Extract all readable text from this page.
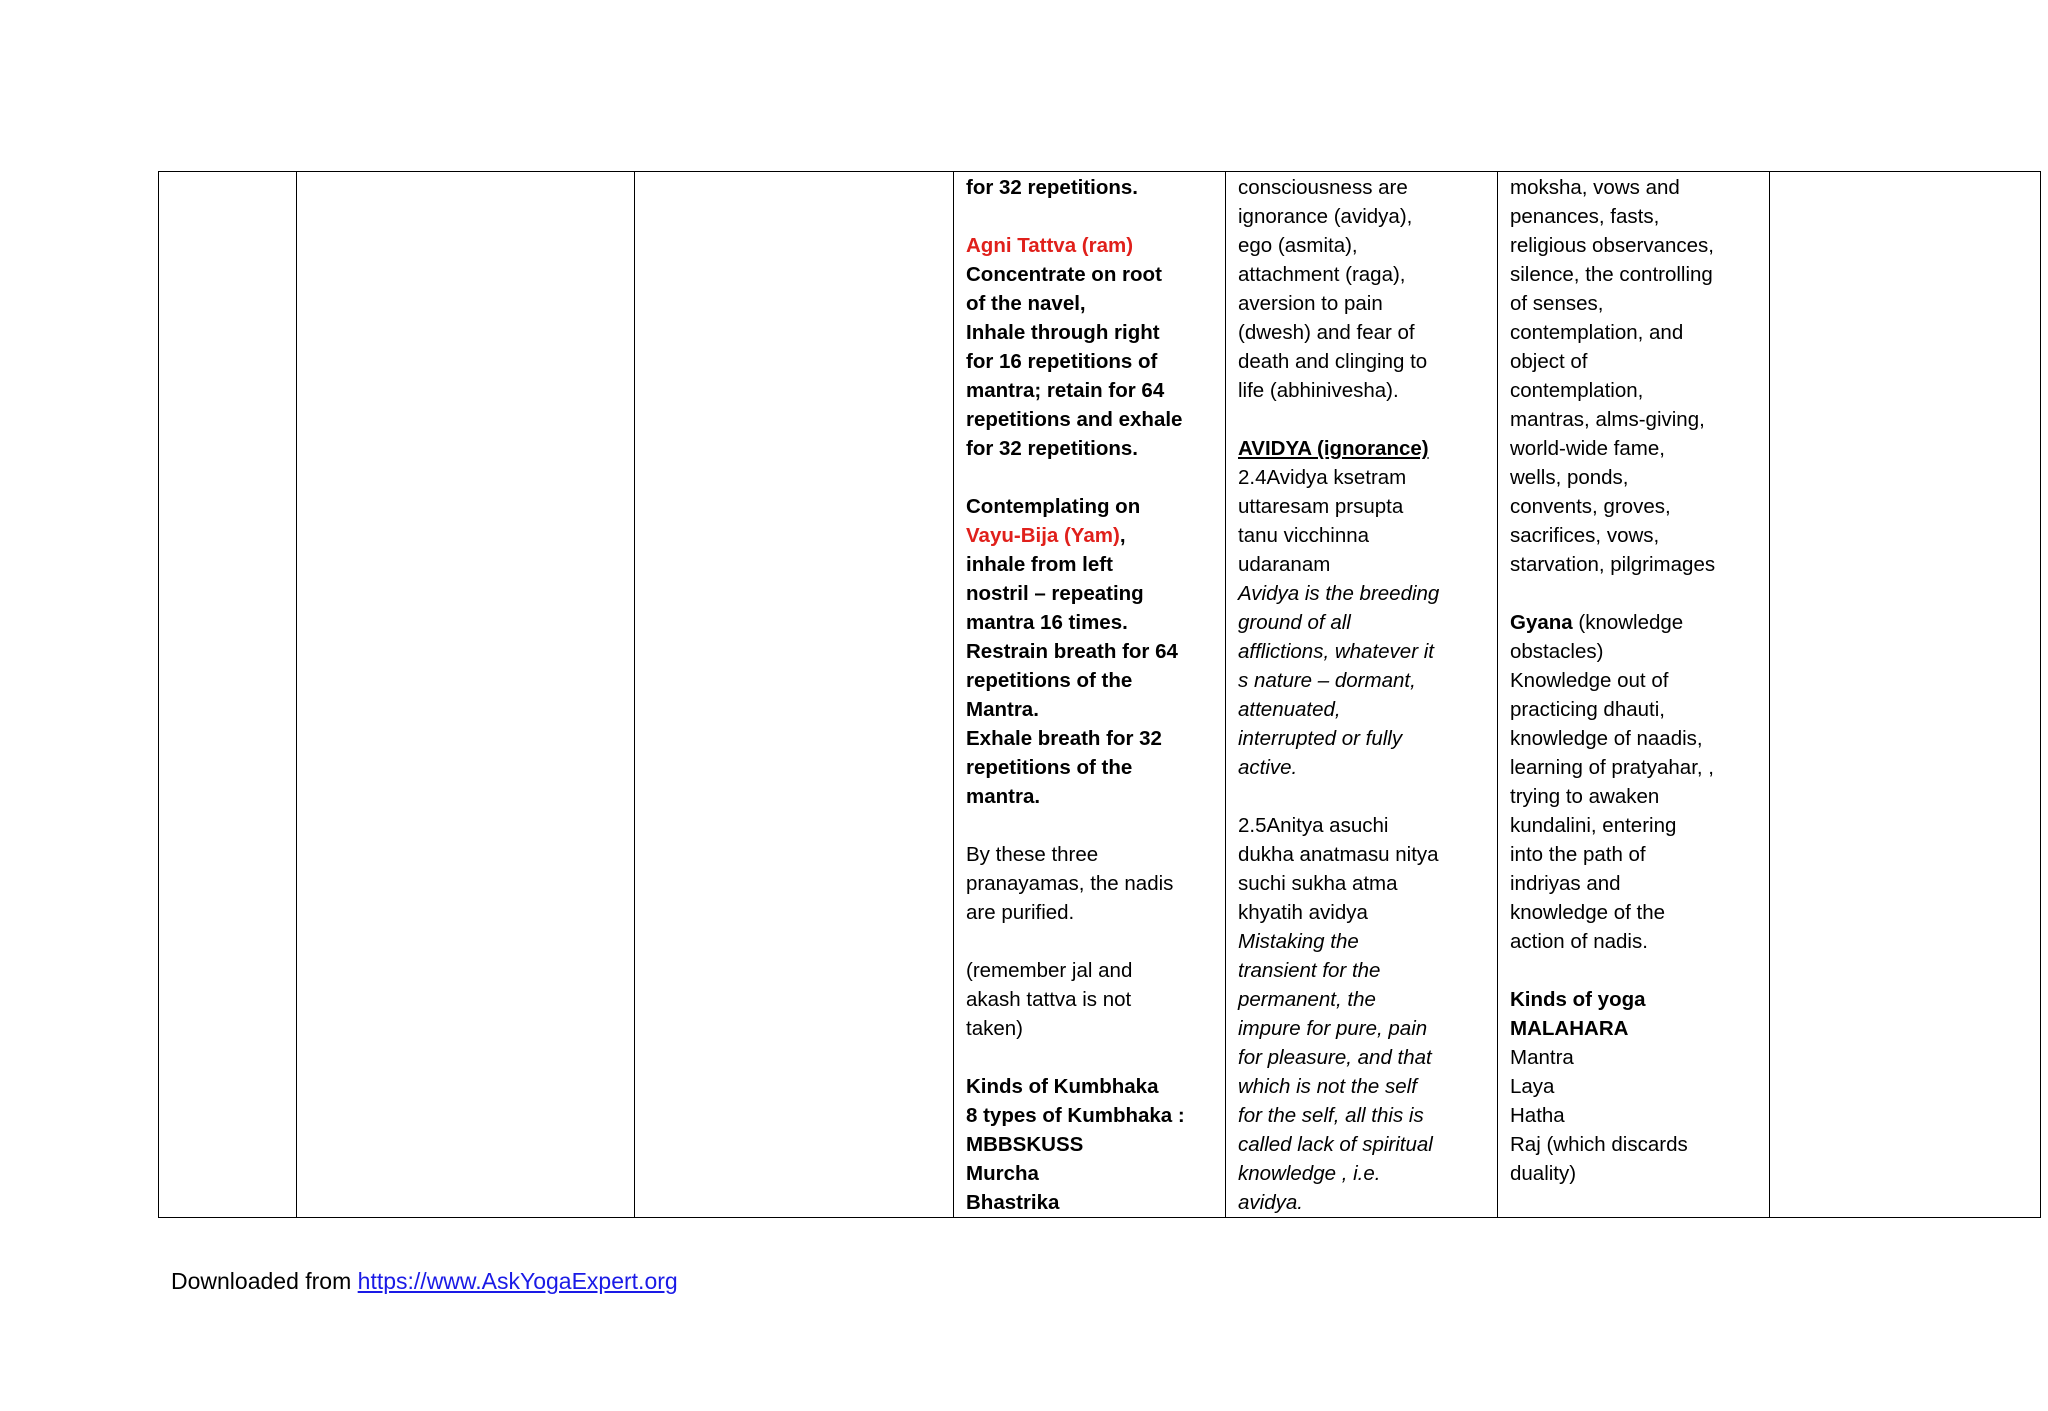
for 32 repetitions.
Agni Tattva (ram)
Concentrate on root
of the navel,
Inhale through right
for 16 repetitions of
mantra; retain for 64
repetitions and exhale
for 32 repetitions.
Contemplating on
Vayu-Bija (Yam),
inhale from left
nostril – repeating
mantra 16 times.
Restrain breath for 64
repetitions of the
Mantra.
Exhale breath for 32
repetitions of the
mantra.
By these three
pranayamas, the nadis
are purified.
(remember jal and
akash tattva is not
taken)
Kinds of Kumbhaka
8 types of Kumbhaka :
MBBSKUSS
Murcha
Bhastrika

consciousness are
ignorance (avidya),
ego (asmita),
attachment (raga),
aversion to pain
(dwesh) and fear of
death and clinging to
life (abhinivesha).
AVIDYA (ignorance)
2.4Avidya ksetram
uttaresam prsupta
tanu vicchinna
udaranam
Avidya is the breeding
ground of all
afflictions, whatever it
s nature – dormant,
attenuated,
interrupted or fully
active.
2.5Anitya asuchi
dukha anatmasu nitya
suchi sukha atma
khyatih avidya
Mistaking the
transient for the
permanent, the
impure for pure, pain
for pleasure, and that
which is not the self
for the self, all this is
called lack of spiritual
knowledge , i.e.
avidya.

moksha, vows and
penances, fasts,
religious observances,
silence, the controlling
of senses,
contemplation, and
object of
contemplation,
mantras, alms-giving,
world-wide fame,
wells, ponds,
convents, groves,
sacrifices, vows,
starvation, pilgrimages
Gyana (knowledge
obstacles)
Knowledge out of
practicing dhauti,
knowledge of naadis,
learning of pratyahar, ,
trying to awaken
kundalini, entering
into the path of
indriyas and
knowledge of the
action of nadis.
Kinds of yoga
MALAHARA
Mantra
Laya
Hatha
Raj (which discards
duality)

Downloaded from https://www.AskYogaExpert.org
